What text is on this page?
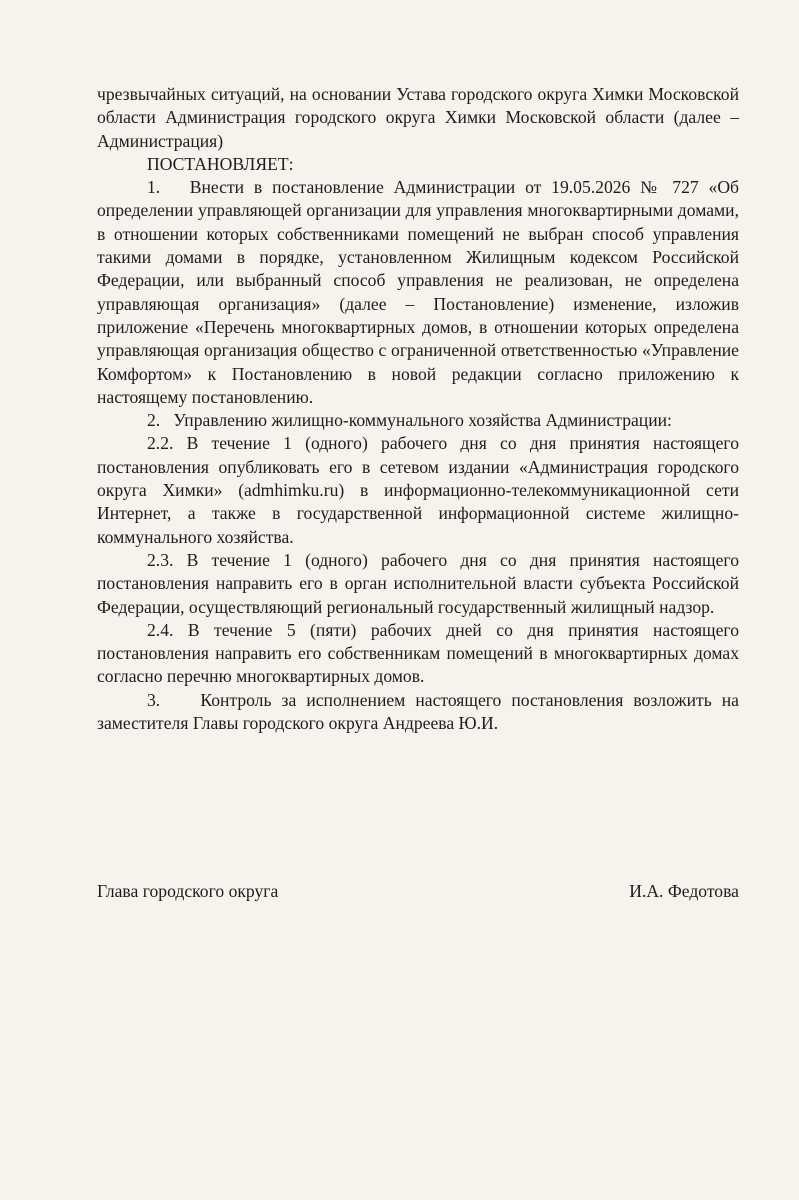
чрезвычайных ситуаций, на основании Устава городского округа Химки Московской области Администрация городского округа Химки Московской области (далее – Администрация)

ПОСТАНОВЛЯЕТ:

1.   Внести в постановление Администрации от 19.05.2026 № 727 «Об определении управляющей организации для управления многоквартирными домами, в отношении которых собственниками помещений не выбран способ управления такими домами в порядке, установленном Жилищным кодексом Российской Федерации, или выбранный способ управления не реализован, не определена управляющая организация» (далее – Постановление) изменение, изложив приложение «Перечень многоквартирных домов, в отношении которых определена управляющая организация общество с ограниченной ответственностью «Управление Комфортом» к Постановлению в новой редакции согласно приложению к настоящему постановлению.

2.   Управлению жилищно-коммунального хозяйства Администрации:

2.2. В течение 1 (одного) рабочего дня со дня принятия настоящего постановления опубликовать его в сетевом издании «Администрация городского округа Химки» (admhimku.ru) в информационно-телекоммуникационной сети Интернет, а также в государственной информационной системе жилищно-коммунального хозяйства.

2.3. В течение 1 (одного) рабочего дня со дня принятия настоящего постановления направить его в орган исполнительной власти субъекта Российской Федерации, осуществляющий региональный государственный жилищный надзор.

2.4. В течение 5 (пяти) рабочих дней со дня принятия настоящего постановления направить его собственникам помещений в многоквартирных домах согласно перечню многоквартирных домов.

3.    Контроль за исполнением настоящего постановления возложить на заместителя Главы городского округа Андреева Ю.И.

Глава городского округа	И.А. Федотова
